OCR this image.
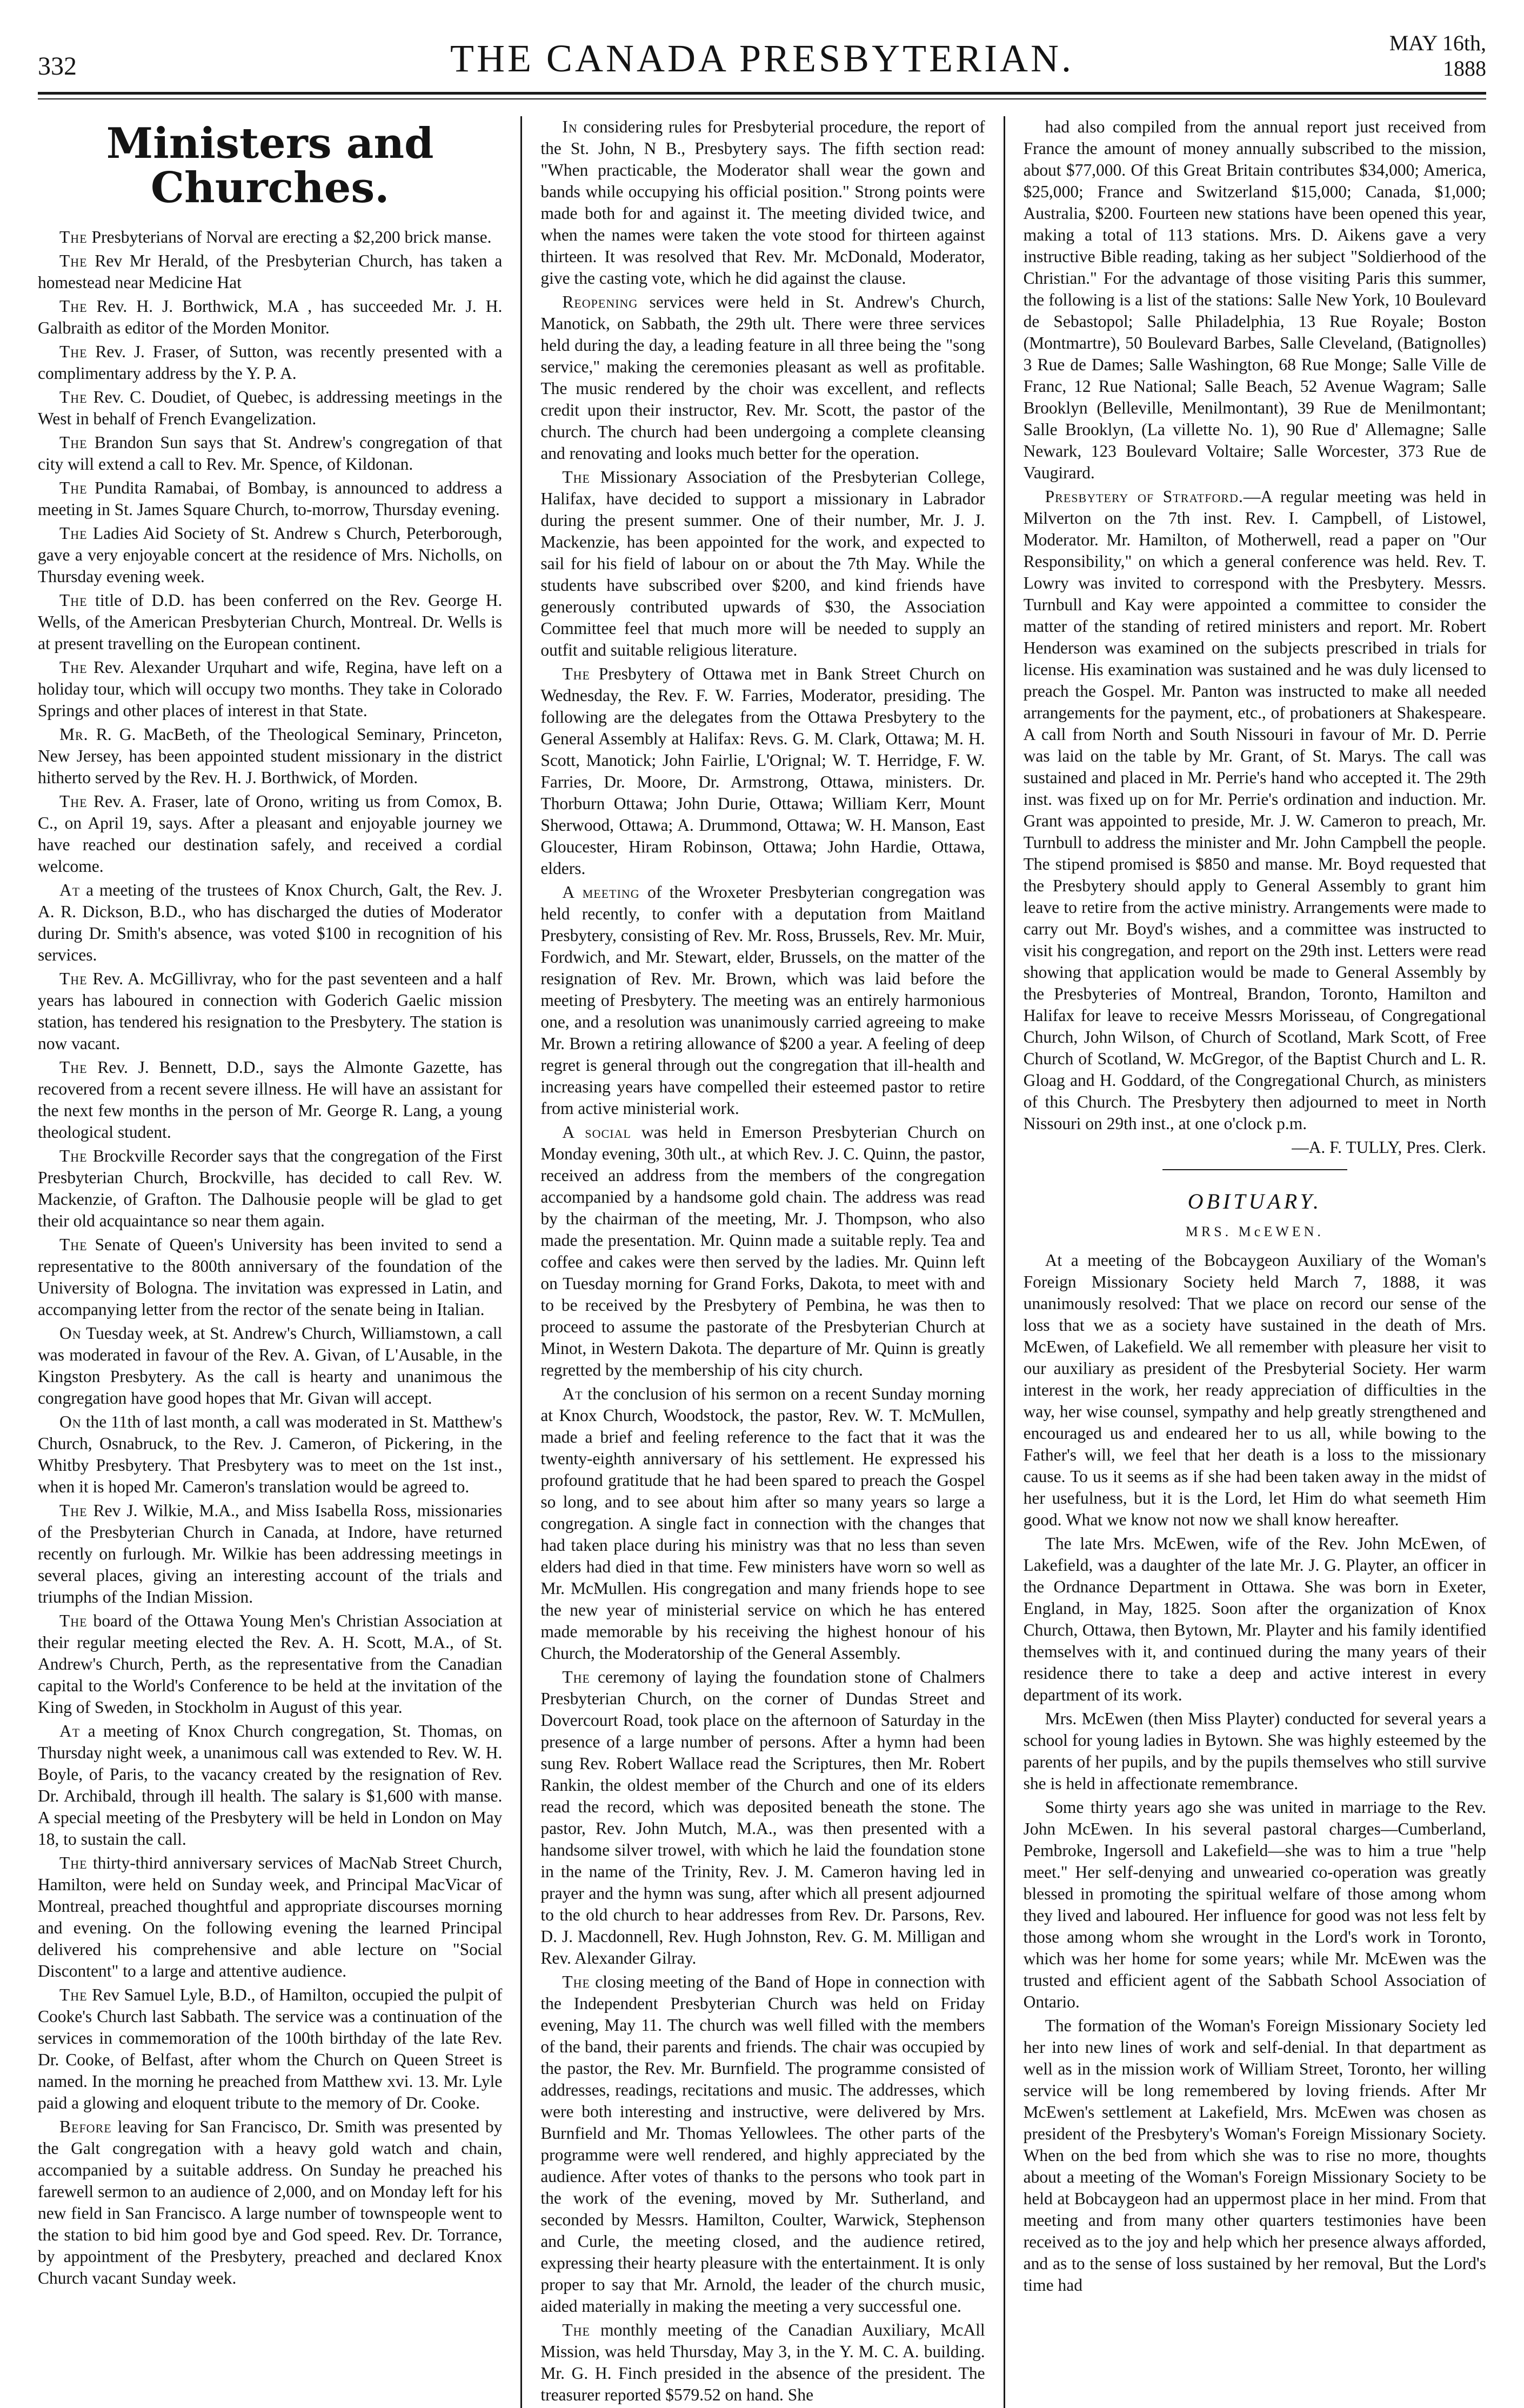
332	THE CANADA PRESBYTERIAN.	MAY 16th, 1888
Ministers and Churches.

The Presbyterians of Norval are erecting a $2,200 brick manse.

The Rev Mr Herald, of the Presbyterian Church, has taken a homestead near Medicine Hat

The Rev. H. J. Borthwick, M.A , has succeeded Mr. J. H. Galbraith as editor of the Morden Monitor.

The Rev. J. Fraser, of Sutton, was recently presented with a complimentary address by the Y. P. A.

The Rev. C. Doudiet, of Quebec, is addressing meetings in the West in behalf of French Evangelization.

The Brandon Sun says that St. Andrew's congregation of that city will extend a call to Rev. Mr. Spence, of Kildonan.

The Pundita Ramabai, of Bombay, is announced to address a meeting in St. James Square Church, to-morrow, Thursday evening.

The Ladies Aid Society of St. Andrew s Church, Peterborough, gave a very enjoyable concert at the residence of Mrs. Nicholls, on Thursday evening week.

The title of D.D. has been conferred on the Rev. George H. Wells, of the American Presbyterian Church, Montreal. Dr. Wells is at present travelling on the European continent.

The Rev. Alexander Urquhart and wife, Regina, have left on a holiday tour, which will occupy two months. They take in Colorado Springs and other places of interest in that State.

Mr. R. G. MacBeth, of the Theological Seminary, Princeton, New Jersey, has been appointed student missionary in the district hitherto served by the Rev. H. J. Borthwick, of Morden.

The Rev. A. Fraser, late of Orono, writing us from Comox, B. C., on April 19, says. After a pleasant and enjoyable journey we have reached our destination safely, and received a cordial welcome.

At a meeting of the trustees of Knox Church, Galt, the Rev. J. A. R. Dickson, B.D., who has discharged the duties of Moderator during Dr. Smith's absence, was voted $100 in recognition of his services.

The Rev. A. McGillivray, who for the past seventeen and a half years has laboured in connection with Goderich Gaelic mission station, has tendered his resignation to the Presbytery. The station is now vacant.

The Rev. J. Bennett, D.D., says the Almonte Gazette, has recovered from a recent severe illness. He will have an assistant for the next few months in the person of Mr. George R. Lang, a young theological student.

The Brockville Recorder says that the congregation of the First Presbyterian Church, Brockville, has decided to call Rev. W. Mackenzie, of Grafton. The Dalhousie people will be glad to get their old acquaintance so near them again.

The Senate of Queen's University has been invited to send a representative to the 800th anniversary of the foundation of the University of Bologna. The invitation was expressed in Latin, and accompanying letter from the rector of the senate being in Italian.

On Tuesday week, at St. Andrew's Church, Williamstown, a call was moderated in favour of the Rev. A. Givan, of L'Ausable, in the Kingston Presbytery. As the call is hearty and unanimous the congregation have good hopes that Mr. Givan will accept.

On the 11th of last month, a call was moderated in St. Matthew's Church, Osnabruck, to the Rev. J. Cameron, of Pickering, in the Whitby Presbytery. That Presbytery was to meet on the 1st inst., when it is hoped Mr. Cameron's translation would be agreed to.

The Rev J. Wilkie, M.A., and Miss Isabella Ross, missionaries of the Presbyterian Church in Canada, at Indore, have returned recently on furlough. Mr. Wilkie has been addressing meetings in several places, giving an interesting account of the trials and triumphs of the Indian Mission.

The board of the Ottawa Young Men's Christian Association at their regular meeting elected the Rev. A. H. Scott, M.A., of St. Andrew's Church, Perth, as the representative from the Canadian capital to the World's Conference to be held at the invitation of the King of Sweden, in Stockholm in August of this year.

At a meeting of Knox Church congregation, St. Thomas, on Thursday night week, a unanimous call was extended to Rev. W. H. Boyle, of Paris, to the vacancy created by the resignation of Rev. Dr. Archibald, through ill health. The salary is $1,600 with manse. A special meeting of the Presbytery will be held in London on May 18, to sustain the call.

The thirty-third anniversary services of MacNab Street Church, Hamilton, were held on Sunday week, and Principal MacVicar of Montreal, preached thoughtful and appropriate discourses morning and evening. On the following evening the learned Principal delivered his comprehensive and able lecture on "Social Discontent" to a large and attentive audience.

The Rev Samuel Lyle, B.D., of Hamilton, occupied the pulpit of Cooke's Church last Sabbath. The service was a continuation of the services in commemoration of the 100th birthday of the late Rev. Dr. Cooke, of Belfast, after whom the Church on Queen Street is named. In the morning he preached from Matthew xvi. 13. Mr. Lyle paid a glowing and eloquent tribute to the memory of Dr. Cooke.

Before leaving for San Francisco, Dr. Smith was presented by the Galt congregation with a heavy gold watch and chain, accompanied by a suitable address. On Sunday he preached his farewell sermon to an audience of 2,000, and on Monday left for his new field in San Francisco. A large number of townspeople went to the station to bid him good bye and God speed. Rev. Dr. Torrance, by appointment of the Presbytery, preached and declared Knox Church vacant Sunday week.

In considering rules for Presbyterial procedure, the report of the St. John, N B., Presbytery says. The fifth section read: "When practicable, the Moderator shall wear the gown and bands while occupying his official position." Strong points were made both for and against it. The meeting divided twice, and when the names were taken the vote stood for thirteen against thirteen. It was resolved that Rev. Mr. McDonald, Moderator, give the casting vote, which he did against the clause.

Reopening services were held in St. Andrew's Church, Manotick, on Sabbath, the 29th ult. There were three services held during the day, a leading feature in all three being the "song service," making the ceremonies pleasant as well as profitable. The music rendered by the choir was excellent, and reflects credit upon their instructor, Rev. Mr. Scott, the pastor of the church. The church had been undergoing a complete cleansing and renovating and looks much better for the operation.

The Missionary Association of the Presbyterian College, Halifax, have decided to support a missionary in Labrador during the present summer. One of their number, Mr. J. J. Mackenzie, has been appointed for the work, and expected to sail for his field of labour on or about the 7th May. While the students have subscribed over $200, and kind friends have generously contributed upwards of $30, the Association Committee feel that much more will be needed to supply an outfit and suitable religious literature.

The Presbytery of Ottawa met in Bank Street Church on Wednesday, the Rev. F. W. Farries, Moderator, presiding. The following are the delegates from the Ottawa Presbytery to the General Assembly at Halifax: Revs. G. M. Clark, Ottawa; M. H. Scott, Manotick; John Fairlie, L'Orignal; W. T. Herridge, F. W. Farries, Dr. Moore, Dr. Armstrong, Ottawa, ministers. Dr. Thorburn Ottawa; John Durie, Ottawa; William Kerr, Mount Sherwood, Ottawa; A. Drummond, Ottawa; W. H. Manson, East Gloucester, Hiram Robinson, Ottawa; John Hardie, Ottawa, elders.

A meeting of the Wroxeter Presbyterian congregation was held recently, to confer with a deputation from Maitland Presbytery, consisting of Rev. Mr. Ross, Brussels, Rev. Mr. Muir, Fordwich, and Mr. Stewart, elder, Brussels, on the matter of the resignation of Rev. Mr. Brown, which was laid before the meeting of Presbytery. The meeting was an entirely harmonious one, and a resolution was unanimously carried agreeing to make Mr. Brown a retiring allowance of $200 a year. A feeling of deep regret is general through out the congregation that ill-health and increasing years have compelled their esteemed pastor to retire from active ministerial work.

A social was held in Emerson Presbyterian Church on Monday evening, 30th ult., at which Rev. J. C. Quinn, the pastor, received an address from the members of the congregation accompanied by a handsome gold chain. The address was read by the chairman of the meeting, Mr. J. Thompson, who also made the presentation. Mr. Quinn made a suitable reply. Tea and coffee and cakes were then served by the ladies. Mr. Quinn left on Tuesday morning for Grand Forks, Dakota, to meet with and to be received by the Presbytery of Pembina, he was then to proceed to assume the pastorate of the Presbyterian Church at Minot, in Western Dakota. The departure of Mr. Quinn is greatly regretted by the membership of his city church.

At the conclusion of his sermon on a recent Sunday morning at Knox Church, Woodstock, the pastor, Rev. W. T. McMullen, made a brief and feeling reference to the fact that it was the twenty-eighth anniversary of his settlement. He expressed his profound gratitude that he had been spared to preach the Gospel so long, and to see about him after so many years so large a congregation. A single fact in connection with the changes that had taken place during his ministry was that no less than seven elders had died in that time. Few ministers have worn so well as Mr. McMullen. His congregation and many friends hope to see the new year of ministerial service on which he has entered made memorable by his receiving the highest honour of his Church, the Moderatorship of the General Assembly.

The ceremony of laying the foundation stone of Chalmers Presbyterian Church, on the corner of Dundas Street and Dovercourt Road, took place on the afternoon of Saturday in the presence of a large number of persons. After a hymn had been sung Rev. Robert Wallace read the Scriptures, then Mr. Robert Rankin, the oldest member of the Church and one of its elders read the record, which was deposited beneath the stone. The pastor, Rev. John Mutch, M.A., was then presented with a handsome silver trowel, with which he laid the foundation stone in the name of the Trinity, Rev. J. M. Cameron having led in prayer and the hymn was sung, after which all present adjourned to the old church to hear addresses from Rev. Dr. Parsons, Rev. D. J. Macdonnell, Rev. Hugh Johnston, Rev. G. M. Milligan and Rev. Alexander Gilray.

The closing meeting of the Band of Hope in connection with the Independent Presbyterian Church was held on Friday evening, May 11. The church was well filled with the members of the band, their parents and friends. The chair was occupied by the pastor, the Rev. Mr. Burnfield. The programme consisted of addresses, readings, recitations and music. The addresses, which were both interesting and instructive, were delivered by Mrs. Burnfield and Mr. Thomas Yellowlees. The other parts of the programme were well rendered, and highly appreciated by the audience. After votes of thanks to the persons who took part in the work of the evening, moved by Mr. Sutherland, and seconded by Messrs. Hamilton, Coulter, Warwick, Stephenson and Curle, the meeting closed, and the audience retired, expressing their hearty pleasure with the entertainment. It is only proper to say that Mr. Arnold, the leader of the church music, aided materially in making the meeting a very successful one.

The monthly meeting of the Canadian Auxiliary, McAll Mission, was held Thursday, May 3, in the Y. M. C. A. building. Mr. G. H. Finch presided in the absence of the president. The treasurer reported $579.52 on hand. She

had also compiled from the annual report just received from France the amount of money annually subscribed to the mission, about $77,000. Of this Great Britain contributes $34,000; America, $25,000; France and Switzerland $15,000; Canada, $1,000; Australia, $200. Fourteen new stations have been opened this year, making a total of 113 stations. Mrs. D. Aikens gave a very instructive Bible reading, taking as her subject "Soldierhood of the Christian." For the advantage of those visiting Paris this summer, the following is a list of the stations: Salle New York, 10 Boulevard de Sebastopol; Salle Philadelphia, 13 Rue Royale; Boston (Montmartre), 50 Boulevard Barbes, Salle Cleveland, (Batignolles) 3 Rue de Dames; Salle Washington, 68 Rue Monge; Salle Ville de Franc, 12 Rue National; Salle Beach, 52 Avenue Wagram; Salle Brooklyn (Belleville, Menilmontant), 39 Rue de Menilmontant; Salle Brooklyn, (La villette No. 1), 90 Rue d' Allemagne; Salle Newark, 123 Boulevard Voltaire; Salle Worcester, 373 Rue de Vaugirard.

Presbytery of Stratford.—A regular meeting was held in Milverton on the 7th inst. Rev. I. Campbell, of Listowel, Moderator. Mr. Hamilton, of Motherwell, read a paper on "Our Responsibility," on which a general conference was held. Rev. T. Lowry was invited to correspond with the Presbytery. Messrs. Turnbull and Kay were appointed a committee to consider the matter of the standing of retired ministers and report. Mr. Robert Henderson was examined on the subjects prescribed in trials for license. His examination was sustained and he was duly licensed to preach the Gospel. Mr. Panton was instructed to make all needed arrangements for the payment, etc., of probationers at Shakespeare. A call from North and South Nissouri in favour of Mr. D. Perrie was laid on the table by Mr. Grant, of St. Marys. The call was sustained and placed in Mr. Perrie's hand who accepted it. The 29th inst. was fixed up on for Mr. Perrie's ordination and induction. Mr. Grant was appointed to preside, Mr. J. W. Cameron to preach, Mr. Turnbull to address the minister and Mr. John Campbell the people. The stipend promised is $850 and manse. Mr. Boyd requested that the Presbytery should apply to General Assembly to grant him leave to retire from the active ministry. Arrangements were made to carry out Mr. Boyd's wishes, and a committee was instructed to visit his congregation, and report on the 29th inst. Letters were read showing that application would be made to General Assembly by the Presbyteries of Montreal, Brandon, Toronto, Hamilton and Halifax for leave to receive Messrs Morisseau, of Congregational Church, John Wilson, of Church of Scotland, Mark Scott, of Free Church of Scotland, W. McGregor, of the Baptist Church and L. R. Gloag and H. Goddard, of the Congregational Church, as ministers of this Church. The Presbytery then adjourned to meet in North Nissouri on 29th inst., at one o'clock p.m.

—A. F. TULLY, Pres. Clerk.
OBITUARY.
MRS. McEWEN.

At a meeting of the Bobcaygeon Auxiliary of the Woman's Foreign Missionary Society held March 7, 1888, it was unanimously resolved: That we place on record our sense of the loss that we as a society have sustained in the death of Mrs. McEwen, of Lakefield. We all remember with pleasure her visit to our auxiliary as president of the Presbyterial Society. Her warm interest in the work, her ready appreciation of difficulties in the way, her wise counsel, sympathy and help greatly strengthened and encouraged us and endeared her to us all, while bowing to the Father's will, we feel that her death is a loss to the missionary cause. To us it seems as if she had been taken away in the midst of her usefulness, but it is the Lord, let Him do what seemeth Him good. What we know not now we shall know hereafter.

The late Mrs. McEwen, wife of the Rev. John McEwen, of Lakefield, was a daughter of the late Mr. J. G. Playter, an officer in the Ordnance Department in Ottawa. She was born in Exeter, England, in May, 1825. Soon after the organization of Knox Church, Ottawa, then Bytown, Mr. Playter and his family identified themselves with it, and continued during the many years of their residence there to take a deep and active interest in every department of its work.

Mrs. McEwen (then Miss Playter) conducted for several years a school for young ladies in Bytown. She was highly esteemed by the parents of her pupils, and by the pupils themselves who still survive she is held in affectionate remembrance.

Some thirty years ago she was united in marriage to the Rev. John McEwen. In his several pastoral charges—Cumberland, Pembroke, Ingersoll and Lakefield—she was to him a true "help meet." Her self-denying and unwearied co-operation was greatly blessed in promoting the spiritual welfare of those among whom they lived and laboured. Her influence for good was not less felt by those among whom she wrought in the Lord's work in Toronto, which was her home for some years; while Mr. McEwen was the trusted and efficient agent of the Sabbath School Association of Ontario.

The formation of the Woman's Foreign Missionary Society led her into new lines of work and self-denial. In that department as well as in the mission work of William Street, Toronto, her willing service will be long remembered by loving friends. After Mr McEwen's settlement at Lakefield, Mrs. McEwen was chosen as president of the Presbytery's Woman's Foreign Missionary Society. When on the bed from which she was to rise no more, thoughts about a meeting of the Woman's Foreign Missionary Society to be held at Bobcaygeon had an uppermost place in her mind. From that meeting and from many other quarters testimonies have been received as to the joy and help which her presence always afforded, and as to the sense of loss sustained by her removal, But the Lord's time had
